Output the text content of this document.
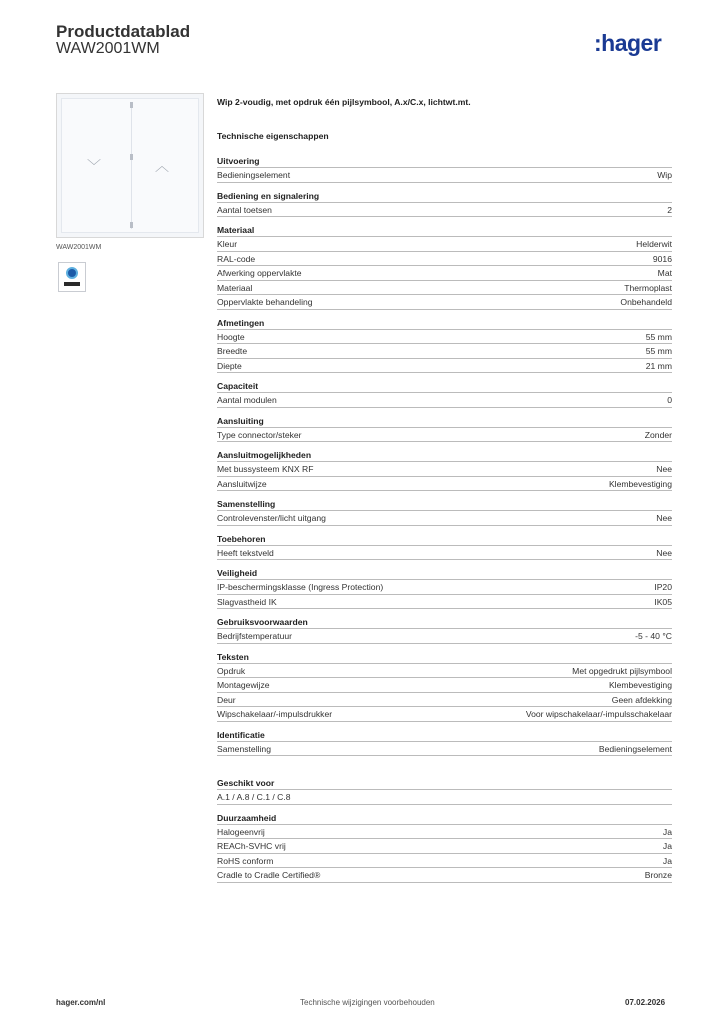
Productdatablad
WAW2001WM	:hager
﹀	︿
WAW2001WM
Wip 2-voudig, met opdruk één pijlsymbool, A.x/C.x, lichtwt.mt.
Technische eigenschappen
Uitvoering
Bedieningselement	Wip
Bediening en signalering
Aantal toetsen	2
Materiaal
Kleur	Helderwit
RAL-code	9016
Afwerking oppervlakte	Mat
Materiaal	Thermoplast
Oppervlakte behandeling	Onbehandeld
Afmetingen
Hoogte	55 mm
Breedte	55 mm
Diepte	21 mm
Capaciteit
Aantal modulen	0
Aansluiting
Type connector/steker	Zonder
Aansluitmogelijkheden
Met bussysteem KNX RF	Nee
Aansluitwijze	Klembevestiging
Samenstelling
Controlevenster/licht uitgang	Nee
Toebehoren
Heeft tekstveld	Nee
Veiligheid
IP-beschermingsklasse (Ingress Protection)	IP20
Slagvastheid IK	IK05
Gebruiksvoorwaarden
Bedrijfstemperatuur	-5 - 40 °C
Teksten
Opdruk	Met opgedrukt pijlsymbool
Montagewijze	Klembevestiging
Deur	Geen afdekking
Wipschakelaar/-impulsdrukker	Voor wipschakelaar/-impulsschakelaar
Identificatie
Samenstelling	Bedieningselement
Geschikt voor
A.1 / A.8 / C.1 / C.8
Duurzaamheid
Halogeenvrij	Ja
REACh-SVHC vrij	Ja
RoHS conform	Ja
Cradle to Cradle Certified®	Bronze
hager.com/nl	Technische wijzigingen voorbehouden	07.02.2026
